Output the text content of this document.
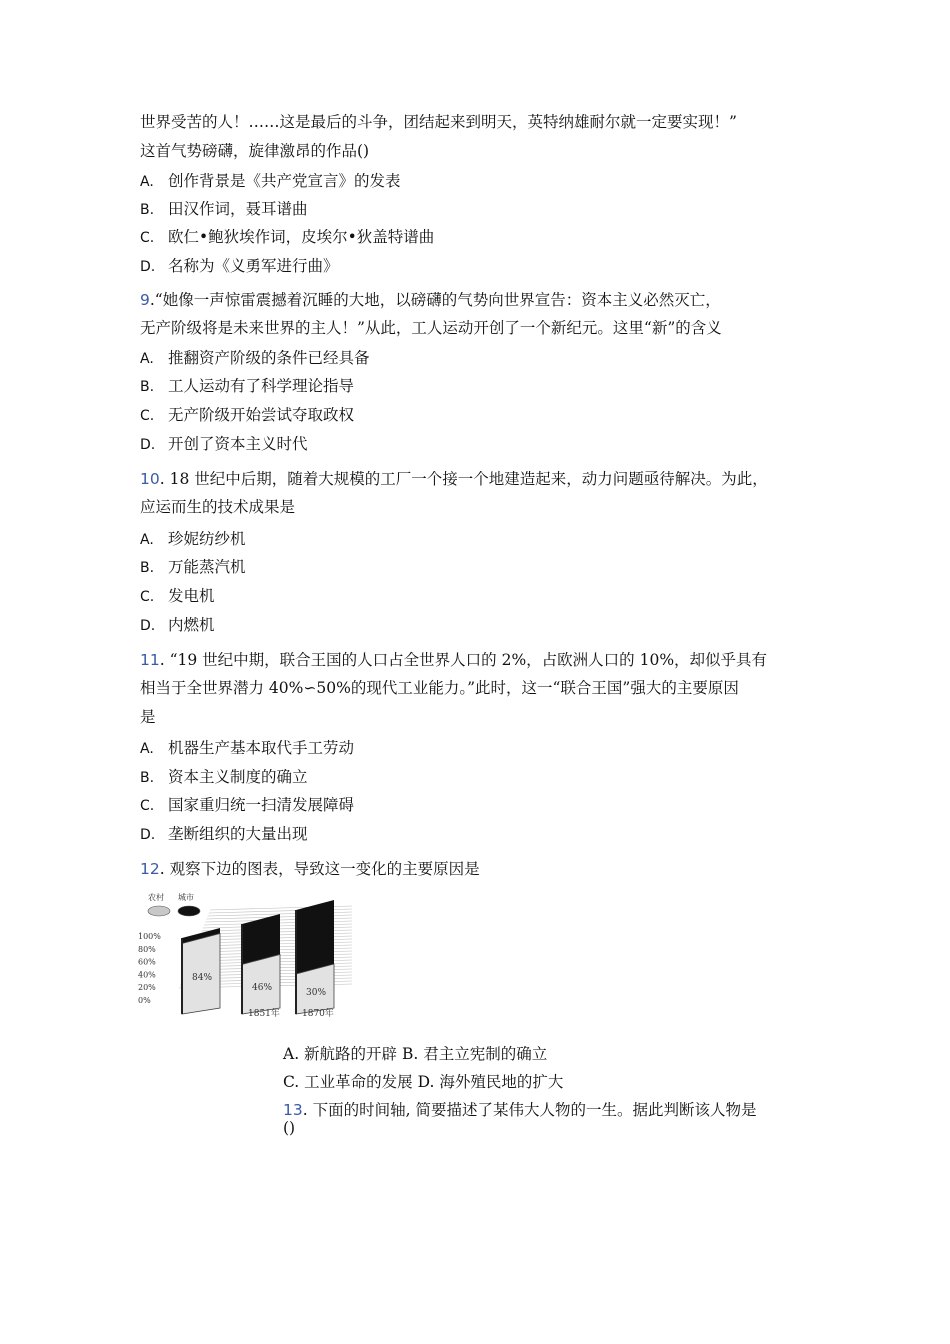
世界受苦的人！……这是最后的斗争，团结起来到明天，英特纳雄耐尔就一定要实现！”
这首气势磅礴，旋律激昂的作品()
A. 创作背景是《共产党宣言》的发表
B. 田汉作词，聂耳谱曲
C. 欧仁•鲍狄埃作词，皮埃尔•狄盖特谱曲
D. 名称为《义勇军进行曲》
9.“她像一声惊雷震撼着沉睡的大地，以磅礴的气势向世界宣告：资本主义必然灭亡，
无产阶级将是未来世界的主人！”从此，工人运动开创了一个新纪元。这里“新”的含义
A. 推翻资产阶级的条件已经具备
B. 工人运动有了科学理论指导
C. 无产阶级开始尝试夺取政权
D. 开创了资本主义时代
10. 18 世纪中后期，随着大规模的工厂一个接一个地建造起来，动力问题亟待解决。为此，
应运而生的技术成果是
A. 珍妮纺纱机
B. 万能蒸汽机
C. 发电机
D. 内燃机
11. “19 世纪中期，联合王国的人口占全世界人口的 2%，占欧洲人口的 10%，却似乎具有
相当于全世界潜力 40%∽50%的现代工业能力。”此时，这一“联合王国”强大的主要原因
是
A. 机器生产基本取代手工劳动
B. 资本主义制度的确立
C. 国家重归统一扫清发展障碍
D. 垄断组织的大量出现
12. 观察下边的图表，导致这一变化的主要原因是
农村 城市
100%
80%
60%
40%
20%
0%
84%
46%	30%
1851年 1870年
A. 新航路的开辟 B. 君主立宪制的确立
C. 工业革命的发展 D. 海外殖民地的扩大
13. 下面的时间轴, 简要描述了某伟大人物的一生。据此判断该人物是
()
